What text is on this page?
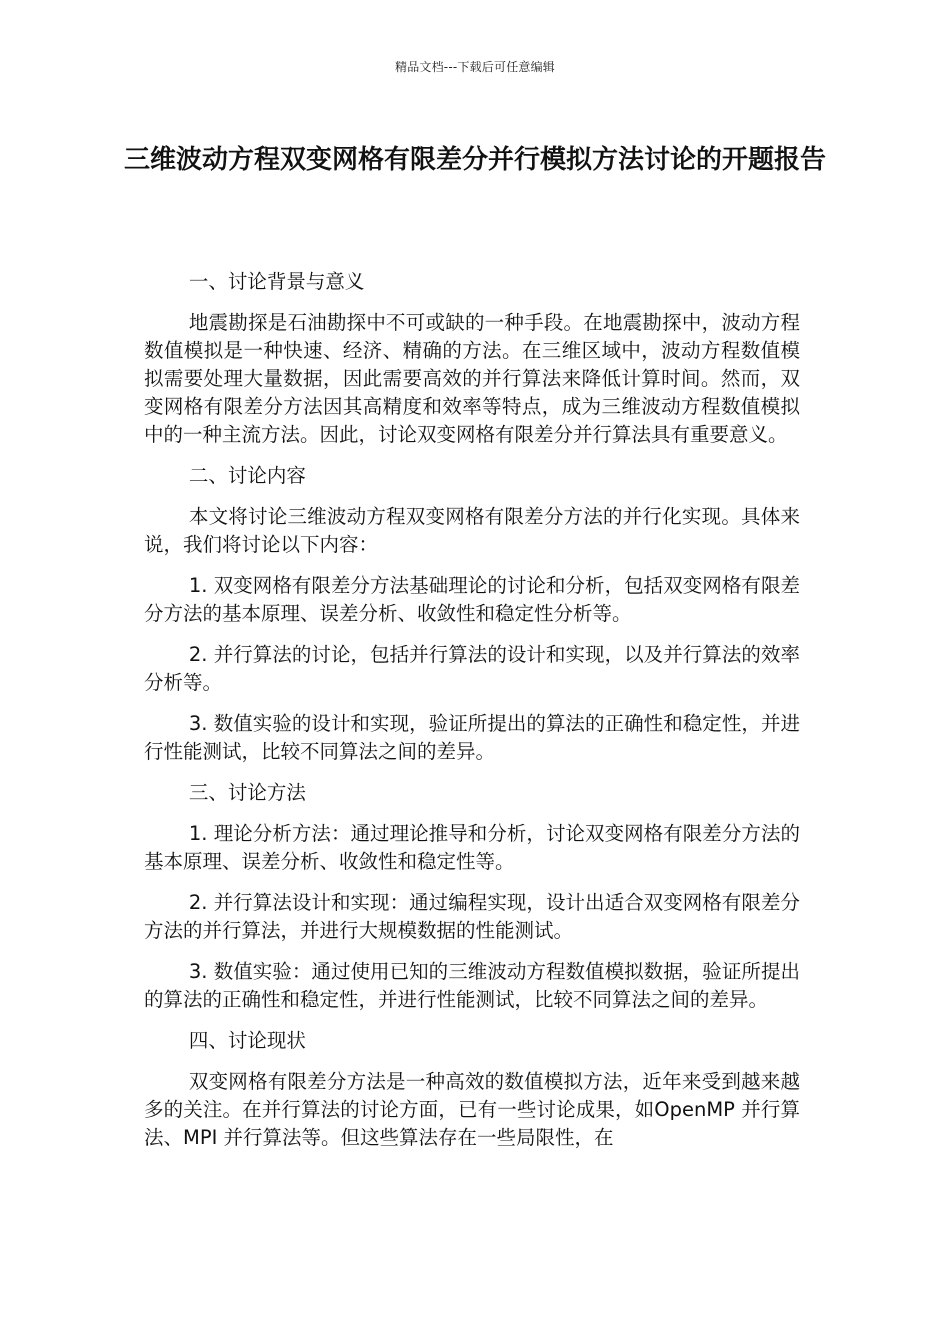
精品文档---下载后可任意编辑
三维波动方程双变网格有限差分并行模拟方法讨论的开题报告

一、讨论背景与意义

地震勘探是石油勘探中不可或缺的一种手段。在地震勘探中，波动方程数值模拟是一种快速、经济、精确的方法。在三维区域中，波动方程数值模拟需要处理大量数据，因此需要高效的并行算法来降低计算时间。然而，双变网格有限差分方法因其高精度和效率等特点，成为三维波动方程数值模拟中的一种主流方法。因此，讨论双变网格有限差分并行算法具有重要意义。

二、讨论内容

本文将讨论三维波动方程双变网格有限差分方法的并行化实现。具体来说，我们将讨论以下内容：

1. 双变网格有限差分方法基础理论的讨论和分析，包括双变网格有限差分方法的基本原理、误差分析、收敛性和稳定性分析等。

2. 并行算法的讨论，包括并行算法的设计和实现，以及并行算法的效率分析等。

3. 数值实验的设计和实现，验证所提出的算法的正确性和稳定性，并进行性能测试，比较不同算法之间的差异。

三、讨论方法

1. 理论分析方法：通过理论推导和分析，讨论双变网格有限差分方法的基本原理、误差分析、收敛性和稳定性等。

2. 并行算法设计和实现：通过编程实现，设计出适合双变网格有限差分方法的并行算法，并进行大规模数据的性能测试。

3. 数值实验：通过使用已知的三维波动方程数值模拟数据，验证所提出的算法的正确性和稳定性，并进行性能测试，比较不同算法之间的差异。

四、讨论现状

双变网格有限差分方法是一种高效的数值模拟方法，近年来受到越来越多的关注。在并行算法的讨论方面，已有一些讨论成果，如OpenMP 并行算法、MPI 并行算法等。但这些算法存在一些局限性，在
